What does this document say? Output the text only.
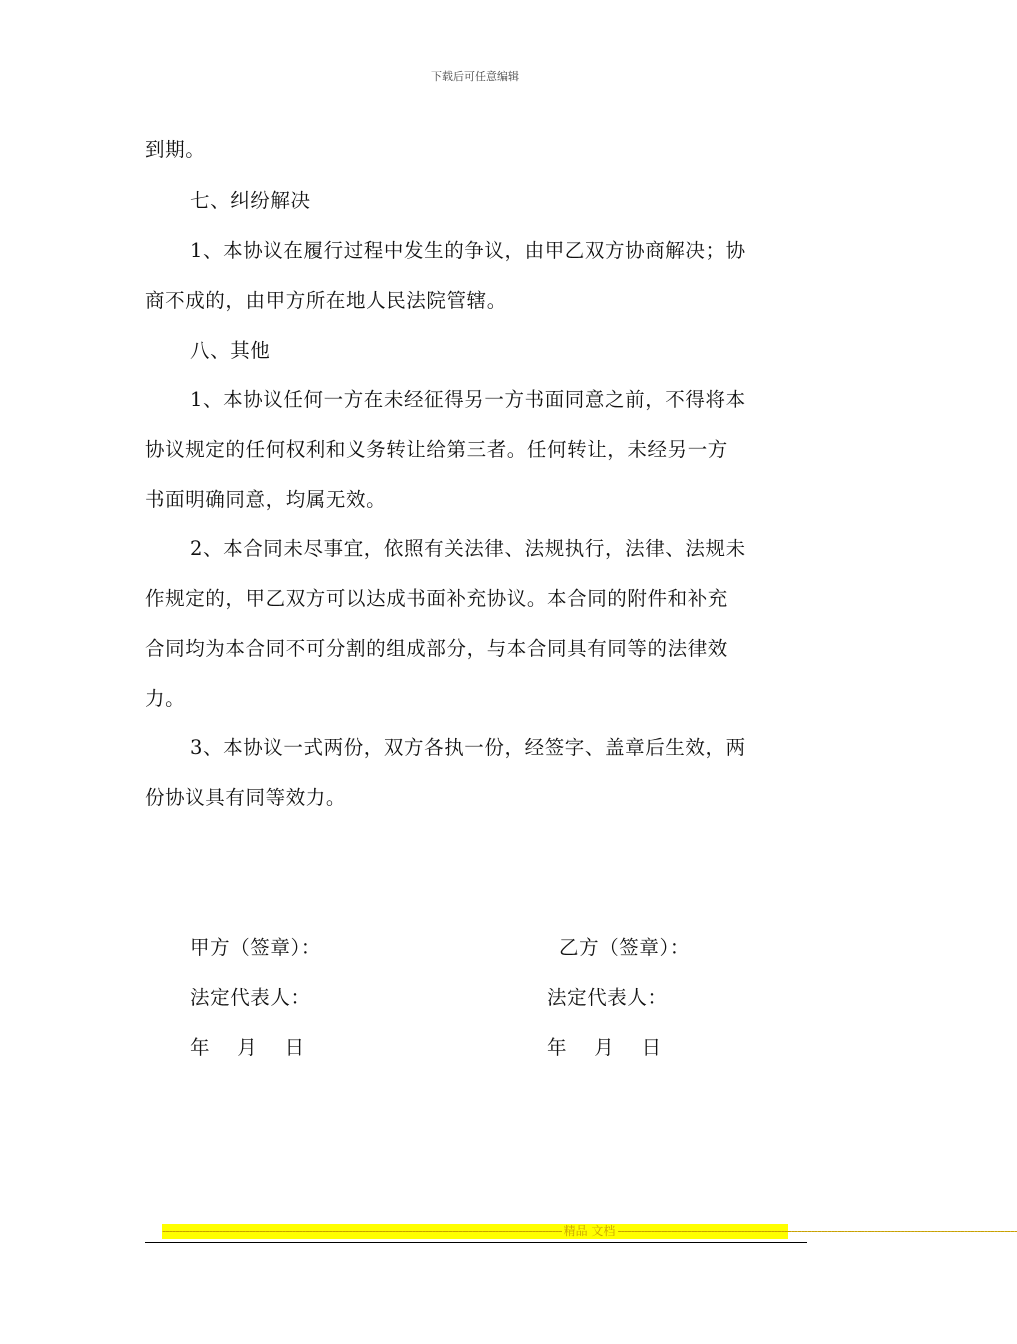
下载后可任意编辑
到期。
七、纠纷解决
1、本协议在履行过程中发生的争议，由甲乙双方协商解决；协
商不成的，由甲方所在地人民法院管辖。
八、其他
1、本协议任何一方在未经征得另一方书面同意之前，不得将本
协议规定的任何权利和义务转让给第三者。任何转让，未经另一方
书面明确同意，均属无效。
2、本合同未尽事宜，依照有关法律、法规执行，法律、法规未
作规定的，甲乙双方可以达成书面补充协议。本合同的附件和补充
合同均为本合同不可分割的组成部分，与本合同具有同等的法律效
力。
3、本协议一式两份，双方各执一份，经签字、盖章后生效，两
份协议具有同等效力。
甲方（签章）：	乙方（签章）：
法定代表人：	法定代表人：
年    月    日	年    月    日
------------------------------------------------------------------------------------------------------------------------ 精品 文档 ------------------------------------------------------------------------------------------------------------------------
